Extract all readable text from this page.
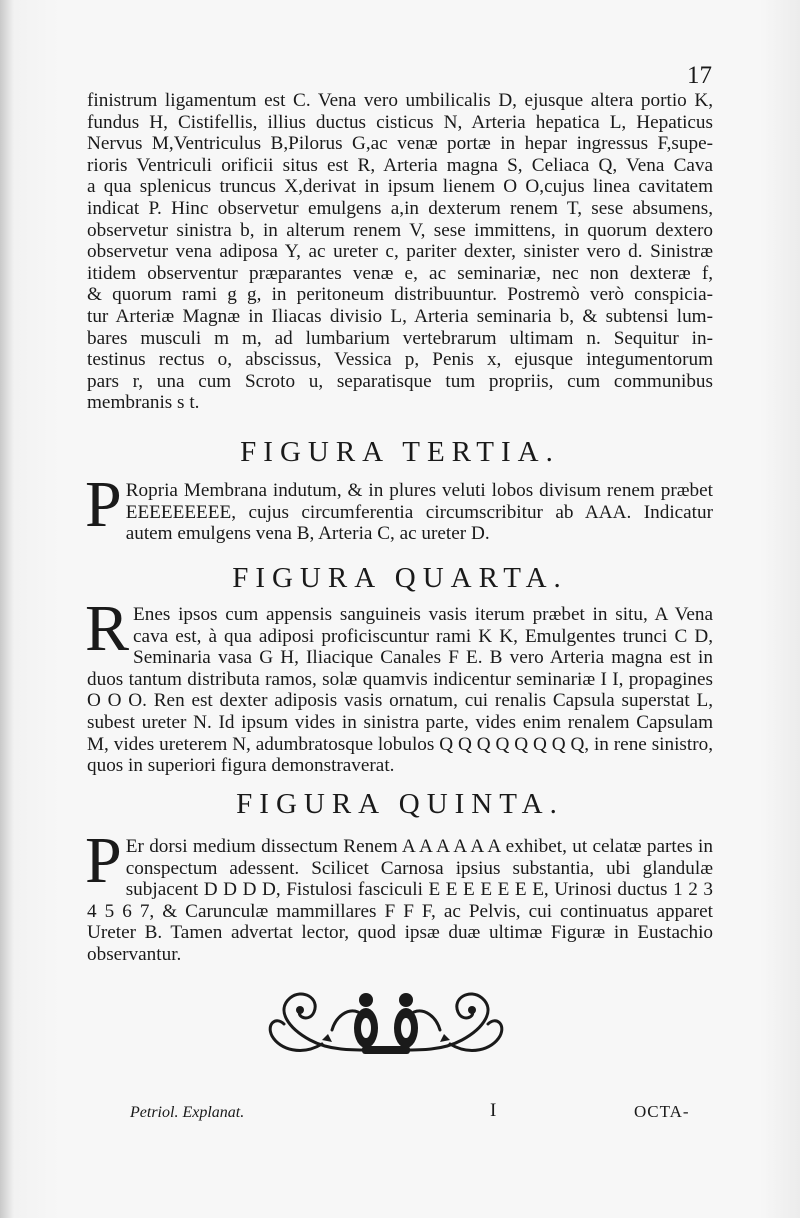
17
finistrum ligamentum est C. Vena vero umbilicalis D, ejusque altera portio K,
fundus H, Cistifellis, illius ductus cisticus N, Arteria hepatica L, Hepaticus
Nervus M,Ventriculus B,Pilorus G,ac venæ portæ in hepar ingressus F,supe-
rioris Ventriculi orificii situs est R, Arteria magna S, Celiaca Q, Vena Cava
a qua splenicus truncus X,derivat in ipsum lienem O O,cujus linea cavitatem
indicat P. Hinc observetur emulgens a,in dexterum renem T, sese absumens,
observetur sinistra b, in alterum renem V, sese immittens, in quorum dextero
observetur vena adiposa Y, ac ureter c, pariter dexter, sinister vero d. Sinistræ
itidem observentur præparantes venæ e, ac seminariæ, nec non dexteræ f,
& quorum rami g g, in peritoneum distribuuntur. Postremò verò conspicia-
tur Arteriæ Magnæ in Iliacas divisio L, Arteria seminaria b, & subtensi lum-
bares musculi m m, ad lumbarium vertebrarum ultimam n. Sequitur in-
testinus rectus o, abscissus, Vessica p, Penis x, ejusque integumentorum
pars r, una cum Scroto u, separatisque tum propriis, cum communibus
membranis s t.
FIGURA TERTIA.
P Ropria Membrana indutum, & in plures veluti lobos divisum renem præbet EEEEEEEEE, cujus circumferentia circumscribitur ab AAA. Indicatur autem emulgens vena B, Arteria C, ac ureter D.
FIGURA QUARTA.
R Enes ipsos cum appensis sanguineis vasis iterum præbet in situ, A Vena cava est, à qua adiposi proficiscuntur rami K K, Emulgentes trunci C D, Seminaria vasa G H, Iliacique Canales F E. B vero Arteria magna est in duos tantum distributa ramos, solæ quamvis indicentur seminariæ I I, propagines O O O. Ren est dexter adiposis vasis ornatum, cui renalis Capsula superstat L, subest ureter N. Id ipsum vides in sinistra parte, vides enim renalem Capsulam M, vides ureterem N, adumbratosque lobulos Q Q Q Q Q Q Q Q, in rene sinistro, quos in superiori figura demonstraverat.
FIGURA QUINTA.
P Er dorsi medium dissectum Renem A A A A A A exhibet, ut celatæ partes in conspectum adessent. Scilicet Carnosa ipsius substantia, ubi glandulæ subjacent D D D D, Fistulosi fasciculi E E E E E E E, Urinosi ductus 1 2 3 4 5 6 7, & Carunculæ mammillares F F F, ac Pelvis, cui continuatus apparet Ureter B. Tamen advertat lector, quod ipsæ duæ ultimæ Figuræ in Eustachio observantur.
Petriol. Explanat.	I	OCTA-
